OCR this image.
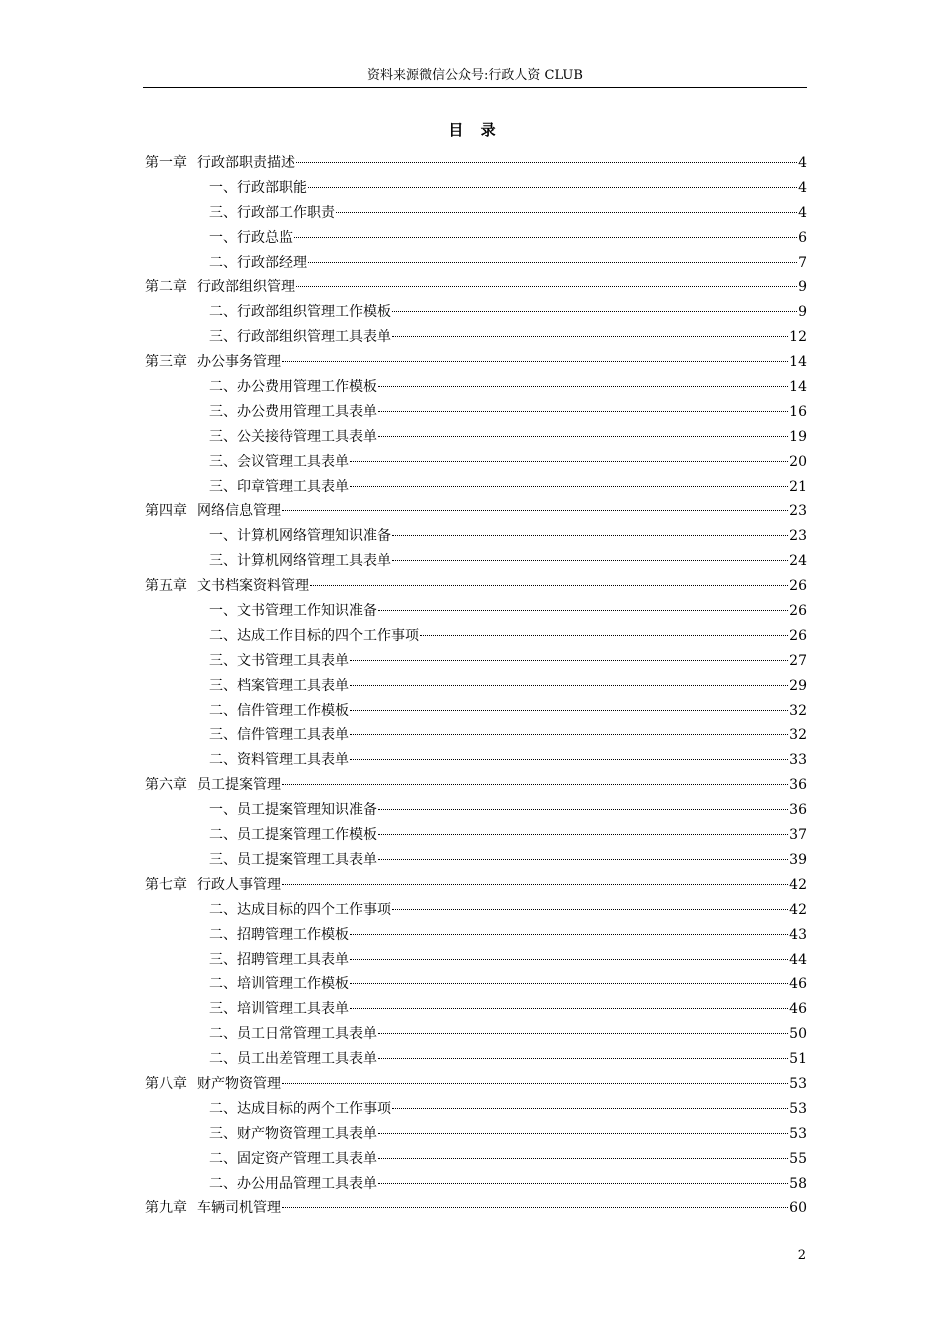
资料来源微信公众号:行政人资 CLUB
目 录
第一章 行政部职责描述	4
一、行政部职能	4
三、行政部工作职责	4
一、行政总监	6
二、行政部经理	7
第二章 行政部组织管理	9
二、行政部组织管理工作模板	9
三、行政部组织管理工具表单	12
第三章 办公事务管理	14
二、办公费用管理工作模板	14
三、办公费用管理工具表单	16
三、公关接待管理工具表单	19
三、会议管理工具表单	20
三、印章管理工具表单	21
第四章 网络信息管理	23
一、计算机网络管理知识准备	23
三、计算机网络管理工具表单	24
第五章 文书档案资料管理	26
一、文书管理工作知识准备	26
二、达成工作目标的四个工作事项	26
三、文书管理工具表单	27
三、档案管理工具表单	29
二、信件管理工作模板	32
三、信件管理工具表单	32
二、资料管理工具表单	33
第六章 员工提案管理	36
一、员工提案管理知识准备	36
二、员工提案管理工作模板	37
三、员工提案管理工具表单	39
第七章 行政人事管理	42
二、达成目标的四个工作事项	42
二、招聘管理工作模板	43
三、招聘管理工具表单	44
二、培训管理工作模板	46
三、培训管理工具表单	46
二、员工日常管理工具表单	50
二、员工出差管理工具表单	51
第八章 财产物资管理	53
二、达成目标的两个工作事项	53
三、财产物资管理工具表单	53
二、固定资产管理工具表单	55
二、办公用品管理工具表单	58
第九章 车辆司机管理	60
2
